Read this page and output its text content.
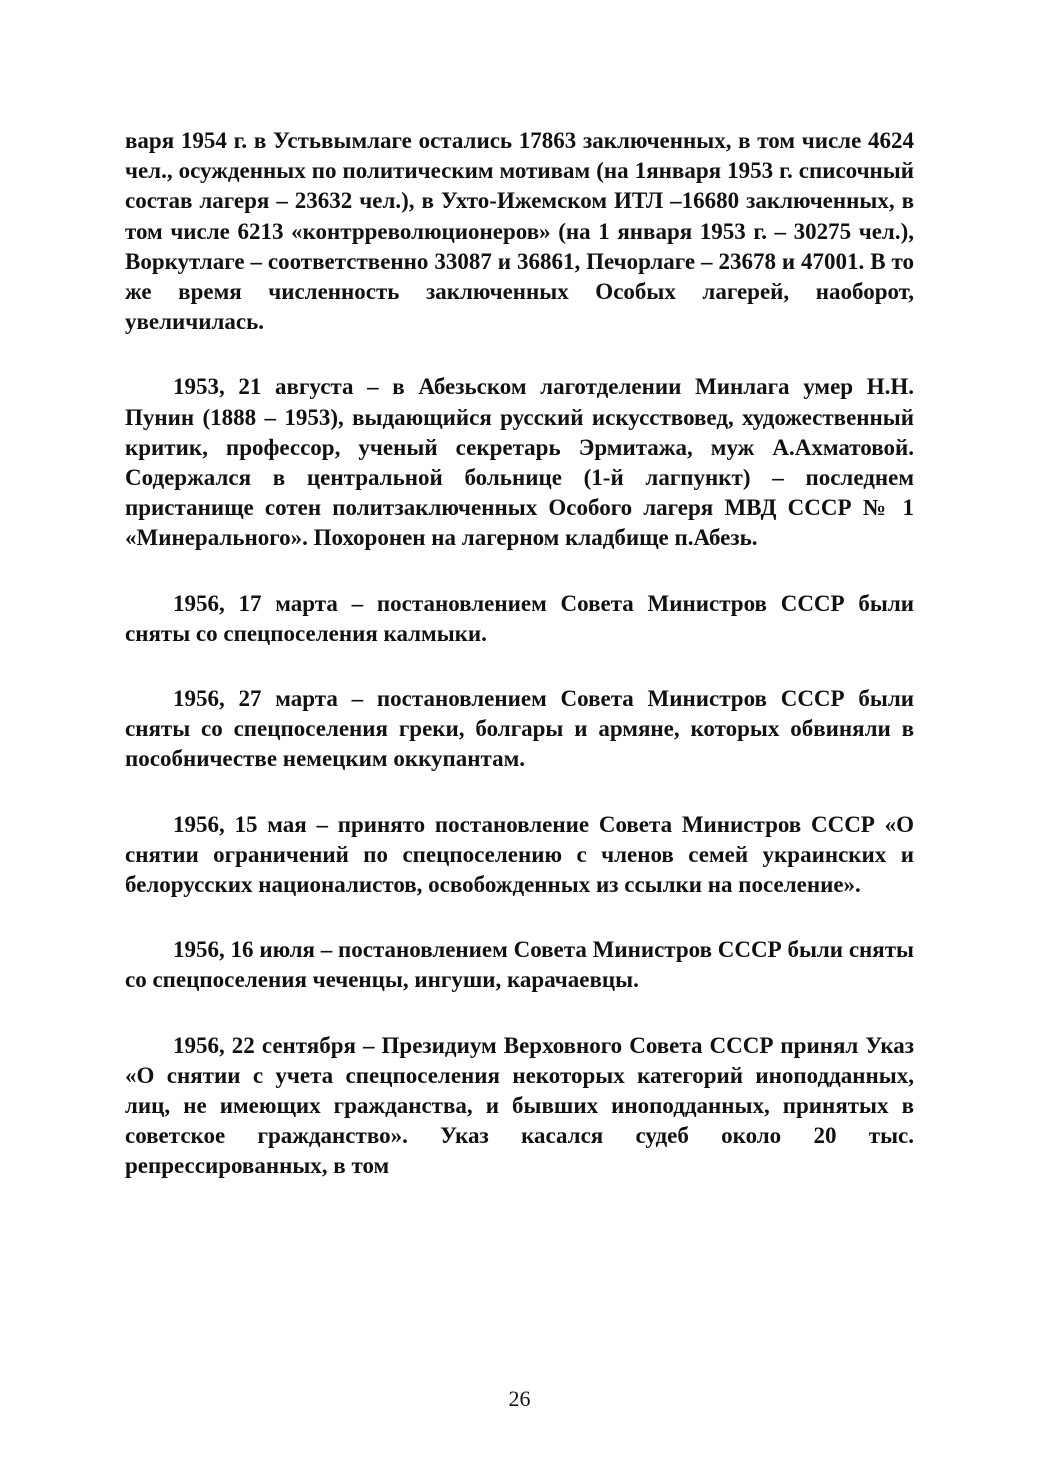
варя 1954 г. в Устьвымлаге остались 17863 заключенных, в том числе 4624 чел., осужденных по политическим мотивам (на 1января 1953 г. списочный состав лагеря – 23632 чел.), в Ухто-Ижемском ИТЛ –16680 заключенных, в том числе 6213 «контрреволюционеров» (на 1 января 1953 г. – 30275 чел.), Воркутлаге – соответственно 33087 и 36861, Печорлаге – 23678 и 47001. В то же время численность заключенных Особых лагерей, наоборот, увеличилась.

1953, 21 августа – в Абезьском лаготделении Минлага умер Н.Н. Пунин (1888 – 1953), выдающийся русский искусствовед, художественный критик, профессор, ученый секретарь Эрмитажа, муж А.Ахматовой. Содержался в центральной больнице (1-й лагпункт) – последнем пристанище сотен политзаключенных Особого лагеря МВД СССР № 1 «Минерального». Похоронен на лагерном кладбище п.Абезь.

1956, 17 марта – постановлением Совета Министров СССР были сняты со спецпоселения калмыки.

1956, 27 марта – постановлением Совета Министров СССР были сняты со спецпоселения греки, болгары и армяне, которых обвиняли в пособничестве немецким оккупантам.

1956, 15 мая – принято постановление Совета Министров СССР «О снятии ограничений по спецпоселению с членов семей украинских и белорусских националистов, освобожденных из ссылки на поселение».

1956, 16 июля – постановлением Совета Министров СССР были сняты со спецпоселения чеченцы, ингуши, карачаевцы.

1956, 22 сентября – Президиум Верховного Совета СССР принял Указ «О снятии с учета спецпоселения некоторых категорий иноподданных, лиц, не имеющих гражданства, и бывших иноподданных, принятых в советское гражданство». Указ касался судеб около 20 тыс. репрессированных, в том

26
